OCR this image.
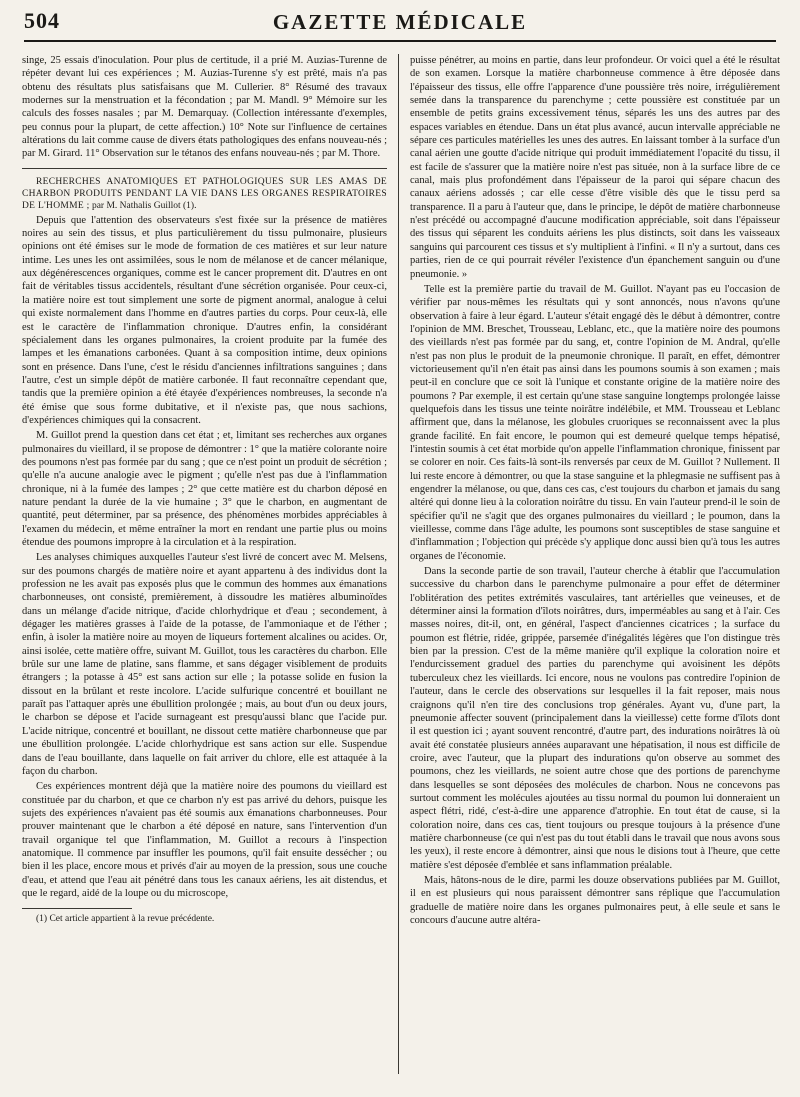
504	GAZETTE MÉDICALE

singe, 25 essais d'inoculation. Pour plus de certitude, il a prié M. Auzias-Turenne de répéter devant lui ces expériences ; M. Auzias-Turenne s'y est prêté, mais n'a pas obtenu des résultats plus satisfaisans que M. Cullerier. 8° Résumé des travaux modernes sur la menstruation et la fécondation ; par M. Mandl. 9° Mémoire sur les calculs des fosses nasales ; par M. Demarquay. (Collection intéressante d'exemples, peu connus pour la plupart, de cette affection.) 10° Note sur l'influence de certaines altérations du lait comme cause de divers états pathologiques des enfans nouveau-nés ; par M. Girard. 11° Observation sur le tétanos des enfans nouveau-nés ; par M. Thore.

RECHERCHES ANATOMIQUES ET PATHOLOGIQUES SUR LES AMAS DE CHARBON PRODUITS PENDANT LA VIE DANS LES ORGANES RESPIRATOIRES DE L'HOMME ; par M. Nathalis Guillot (1).

Depuis que l'attention des observateurs s'est fixée sur la présence de matières noires au sein des tissus, et plus particulièrement du tissu pulmonaire, plusieurs opinions ont été émises sur le mode de formation de ces matières et sur leur nature intime. Les unes les ont assimilées, sous le nom de mélanose et de cancer mélanique, aux dégénérescences organiques, comme est le cancer proprement dit. D'autres en ont fait de véritables tissus accidentels, résultant d'une sécrétion organisée. Pour ceux-ci, la matière noire est tout simplement une sorte de pigment anormal, analogue à celui qui existe normalement dans l'homme en d'autres parties du corps. Pour ceux-là, elle est le caractère de l'inflammation chronique. D'autres enfin, la considérant spécialement dans les organes pulmonaires, la croient produite par la fumée des lampes et les émanations carbonées. Quant à sa composition intime, deux opinions sont en présence. Dans l'une, c'est le résidu d'anciennes infiltrations sanguines ; dans l'autre, c'est un simple dépôt de matière carbonée. Il faut reconnaître cependant que, tandis que la première opinion a été étayée d'expériences nombreuses, la seconde n'a été émise que sous forme dubitative, et il n'existe pas, que nous sachions, d'expériences chimiques qui la consacrent.

M. Guillot prend la question dans cet état ; et, limitant ses recherches aux organes pulmonaires du vieillard, il se propose de démontrer : 1° que la matière colorante noire des poumons n'est pas formée par du sang ; que ce n'est point un produit de sécrétion ; qu'elle n'a aucune analogie avec le pigment ; qu'elle n'est pas due à l'inflammation chronique, ni à la fumée des lampes ; 2° que cette matière est du charbon déposé en nature pendant la durée de la vie humaine ; 3° que le charbon, en augmentant de quantité, peut déterminer, par sa présence, des phénomènes morbides appréciables à l'examen du médecin, et même entraîner la mort en rendant une partie plus ou moins étendue des poumons impropre à la circulation et à la respiration.

Les analyses chimiques auxquelles l'auteur s'est livré de concert avec M. Melsens, sur des poumons chargés de matière noire et ayant appartenu à des individus dont la profession ne les avait pas exposés plus que le commun des hommes aux émanations charbonneuses, ont consisté, premièrement, à dissoudre les matières albuminoïdes dans un mélange d'acide nitrique, d'acide chlorhydrique et d'eau ; secondement, à dégager les matières grasses à l'aide de la potasse, de l'ammoniaque et de l'éther ; enfin, à isoler la matière noire au moyen de liqueurs fortement alcalines ou acides. Or, ainsi isolée, cette matière offre, suivant M. Guillot, tous les caractères du charbon. Elle brûle sur une lame de platine, sans flamme, et sans dégager visiblement de produits étrangers ; la potasse à 45° est sans action sur elle ; la potasse solide en fusion la dissout en la brûlant et reste incolore. L'acide sulfurique concentré et bouillant ne paraît pas l'attaquer après une ébullition prolongée ; mais, au bout d'un ou deux jours, le charbon se dépose et l'acide surnageant est presqu'aussi blanc que l'acide pur. L'acide nitrique, concentré et bouillant, ne dissout cette matière charbonneuse que par une ébullition prolongée. L'acide chlorhydrique est sans action sur elle. Suspendue dans de l'eau bouillante, dans laquelle on fait arriver du chlore, elle est attaquée à la façon du charbon.

Ces expériences montrent déjà que la matière noire des poumons du vieillard est constituée par du charbon, et que ce charbon n'y est pas arrivé du dehors, puisque les sujets des expériences n'avaient pas été soumis aux émanations charbonneuses. Pour prouver maintenant que le charbon a été déposé en nature, sans l'intervention d'un travail organique tel que l'inflammation, M. Guillot a recours à l'inspection anatomique. Il commence par insuffler les poumons, qu'il fait ensuite dessécher ; ou bien il les place, encore mous et privés d'air au moyen de la pression, sous une couche d'eau, et attend que l'eau ait pénétré dans tous les canaux aériens, les ait distendus, et que le regard, aidé de la loupe ou du microscope,

(1) Cet article appartient à la revue précédente.

puisse pénétrer, au moins en partie, dans leur profondeur. Or voici quel a été le résultat de son examen. Lorsque la matière charbonneuse commence à être déposée dans l'épaisseur des tissus, elle offre l'apparence d'une poussière très noire, irrégulièrement semée dans la transparence du parenchyme ; cette poussière est constituée par un ensemble de petits grains excessivement ténus, séparés les uns des autres par des espaces variables en étendue. Dans un état plus avancé, aucun intervalle appréciable ne sépare ces particules matérielles les unes des autres. En laissant tomber à la surface d'un canal aérien une goutte d'acide nitrique qui produit immédiatement l'opacité du tissu, il est facile de s'assurer que la matière noire n'est pas située, non à la surface libre de ce canal, mais plus profondément dans l'épaisseur de la paroi qui sépare chacun des canaux aériens adossés ; car elle cesse d'être visible dès que le tissu perd sa transparence. Il a paru à l'auteur que, dans le principe, le dépôt de matière charbonneuse n'est précédé ou accompagné d'aucune modification appréciable, soit dans l'épaisseur des tissus qui séparent les conduits aériens les plus distincts, soit dans les vaisseaux sanguins qui parcourent ces tissus et s'y multiplient à l'infini. « Il n'y a surtout, dans ces parties, rien de ce qui pourrait révéler l'existence d'un épanchement sanguin ou d'une pneumonie. »

Telle est la première partie du travail de M. Guillot. N'ayant pas eu l'occasion de vérifier par nous-mêmes les résultats qui y sont annoncés, nous n'avons qu'une observation à faire à leur égard. L'auteur s'était engagé dès le début à démontrer, contre l'opinion de MM. Breschet, Trousseau, Leblanc, etc., que la matière noire des poumons des vieillards n'est pas formée par du sang, et, contre l'opinion de M. Andral, qu'elle n'est pas non plus le produit de la pneumonie chronique. Il paraît, en effet, démontrer victorieusement qu'il n'en était pas ainsi dans les poumons soumis à son examen ; mais peut-il en conclure que ce soit là l'unique et constante origine de la matière noire des poumons ? Par exemple, il est certain qu'une stase sanguine longtemps prolongée laisse quelquefois dans les tissus une teinte noirâtre indélébile, et MM. Trousseau et Leblanc affirment que, dans la mélanose, les globules cruoriques se reconnaissent avec la plus grande facilité. En fait encore, le poumon qui est demeuré quelque temps hépatisé, l'intestin soumis à cet état morbide qu'on appelle l'inflammation chronique, finissent par se colorer en noir. Ces faits-là sont-ils renversés par ceux de M. Guillot ? Nullement. Il lui reste encore à démontrer, ou que la stase sanguine et la phlegmasie ne suffisent pas à engendrer la mélanose, ou que, dans ces cas, c'est toujours du charbon et jamais du sang altéré qui donne lieu à la coloration noirâtre du tissu. En vain l'auteur prend-il le soin de spécifier qu'il ne s'agit que des organes pulmonaires du vieillard ; le poumon, dans la vieillesse, comme dans l'âge adulte, les poumons sont susceptibles de stase sanguine et d'inflammation ; l'objection qui précède s'y applique donc aussi bien qu'à tous les autres organes de l'économie.

Dans la seconde partie de son travail, l'auteur cherche à établir que l'accumulation successive du charbon dans le parenchyme pulmonaire a pour effet de déterminer l'oblitération des petites extrémités vasculaires, tant artérielles que veineuses, et de déterminer ainsi la formation d'îlots noirâtres, durs, imperméables au sang et à l'air. Ces masses noires, dit-il, ont, en général, l'aspect d'anciennes cicatrices ; la surface du poumon est flétrie, ridée, grippée, parsemée d'inégalités légères que l'on distingue très bien par la pression. C'est de la même manière qu'il explique la coloration noire et l'endurcissement graduel des parties du parenchyme qui avoisinent les dépôts tuberculeux chez les vieillards. Ici encore, nous ne voulons pas contredire l'opinion de l'auteur, dans le cercle des observations sur lesquelles il la fait reposer, mais nous craignons qu'il n'en tire des conclusions trop générales. Ayant vu, d'une part, la pneumonie affecter souvent (principalement dans la vieillesse) cette forme d'îlots dont il est question ici ; ayant souvent rencontré, d'autre part, des indurations noirâtres là où avait été constatée plusieurs années auparavant une hépatisation, il nous est difficile de croire, avec l'auteur, que la plupart des indurations qu'on observe au sommet des poumons, chez les vieillards, ne soient autre chose que des portions de parenchyme dans lesquelles se sont déposées des molécules de charbon. Nous ne concevons pas surtout comment les molécules ajoutées au tissu normal du poumon lui donneraient un aspect flétri, ridé, c'est-à-dire une apparence d'atrophie. En tout état de cause, si la coloration noire, dans ces cas, tient toujours ou presque toujours à la présence d'une matière charbonneuse (ce qui n'est pas du tout établi dans le travail que nous avons sous les yeux), il reste encore à démontrer, ainsi que nous le disions tout à l'heure, que cette matière s'est déposée d'emblée et sans inflammation préalable.

Mais, hâtons-nous de le dire, parmi les douze observations publiées par M. Guillot, il en est plusieurs qui nous paraissent démontrer sans réplique que l'accumulation graduelle de matière noire dans les organes pulmonaires peut, à elle seule et sans le concours d'aucune autre altéra-
